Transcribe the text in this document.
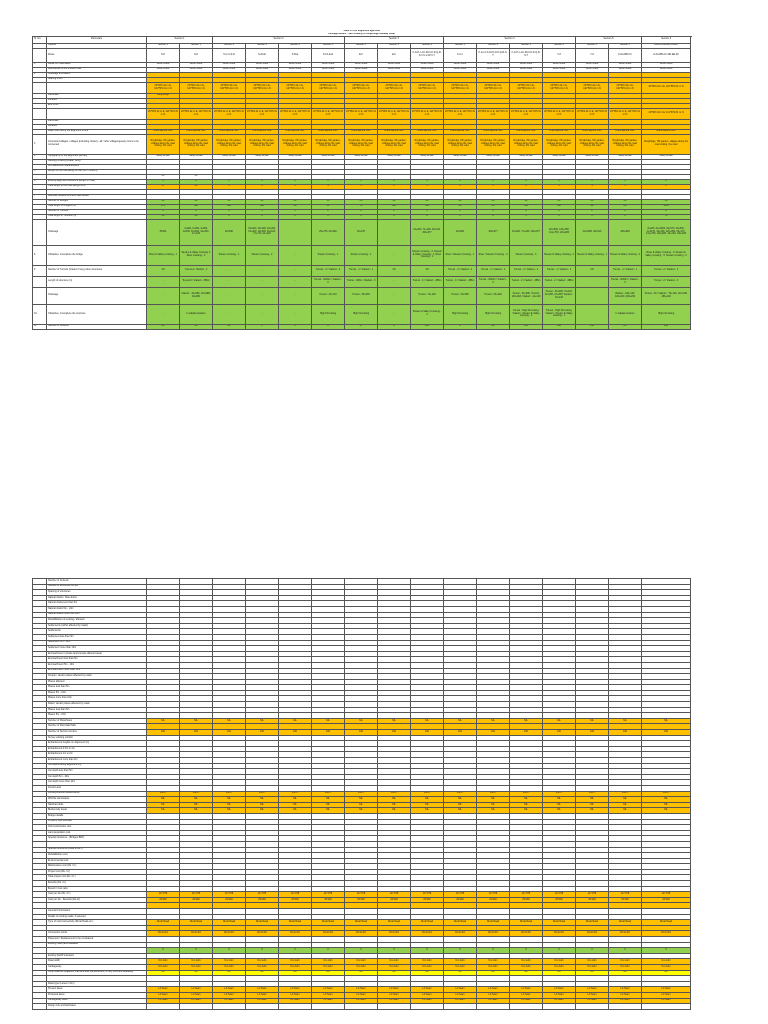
Table 3-6 for alignment approval																		
Package details - Site Grading of Ringbridge Railway Road																		
Sl. No.	Particulars	Section 1		Section 2				Section 3			Section 4				Section 5		Section 6	
	Options	Section 1	Section 1	Section 2	Section 2	Section 2	Section 3	Section 3	Section 4	Section 4	Section 4	Section 4	Section 5	Section 5	Section 6	Section 6	Recommended Route	
	Route	S-8	S-8	S-C-C-S-D	S-A0-E	S-B-E	S-C1-E-E	E-F	E-F	F-G-H-I-J-K-M-N-O-P-Q-R-S-T-U-V-W-X-Y	F-G-I	F-G-I-J-K-M-N-O-P-Q-R-S-T	F-G-H-I-J-K-M-N-O-P-Q-R-S-T	Y-Z	Y-Z	Z-AA-BB-CC	Z-AA-BB-CC-DD-EE-FF	
1	Route ID / Alternative	Green Field	Green Field	Green Field	Green Field	Green Field	Green Field	Green Field	Green Field	Brown Field	Green Field	Green Field	Green Field	Green Field	Green Field	Green Field	Green Field	
	Alternatives to the present road	Green Field	Green Field	Green Field	Green Field	Green Field	Green Field	Green Field	Green Field	Green Field	Green Field	Green Field	Green Field	Green Field	Green Field	Green Field	Green Field	
2	Chainage & Location																	
	Starting Point																	
		20°58'0.42 m E, 110°58'0.41 m N	20°58'0.42 m E, 110°58'0.41 m N	20°58'0.42 m E, 110°58'0.41 m N	20°58'0.42 m E, 110°58'0.41 m N	20°58'0.42 m E, 110°58'0.41 m N	20°58'0.42 m E, 110°58'0.41 m N	20°58'0.42 m E, 110°58'0.41 m N	20°58'0.42 m E, 110°58'0.41 m N	20°58'0.42 m E, 110°58'0.41 m N	20°58'0.42 m E, 110°58'0.41 m N	20°58'0.42 m E, 110°58'0.41 m N	20°58'0.42 m E, 110°58'0.41 m N	20°58'0.42 m E, 110°58'0.41 m N	20°58'0.42 m E, 110°58'0.41 m N	20°58'0.42 m E, 110°58'0.41 m N	20°58'0.42 m E, 110°58'0.41 m N	
	Landmark	Ringbridge																
	Location																	
	End Point																	
		20°58'0.42 m E, 111°53'0.31 m N	20°58'0.42 m E, 111°53'0.31 m N	20°58'0.42 m E, 111°53'0.31 m N	20°58'0.42 m E, 111°53'0.31 m N	20°58'0.42 m E, 111°53'0.31 m N	20°58'0.42 m E, 111°53'0.31 m N	20°58'0.42 m E, 111°53'0.31 m N	20°58'0.42 m E, 111°53'0.31 m N	20°58'0.42 m E, 111°53'0.31 m N	20°58'0.42 m E, 111°53'0.31 m N	20°58'0.42 m E, 111°53'0.31 m N	20°58'0.42 m E, 111°53'0.31 m N	20°58'0.42 m E, 111°53'0.31 m N	20°58'0.42 m E, 111°53'0.31 m N	20°58'0.42 m E, 111°53'0.31 m N	20°58'0.42 m E, 111°53'0.31 m N	
	Landmark																	
	Location																	
	Major town along the alignment of line	Brahmaputra river	Brahmaputra river	Brahmaputra river	Brahmaputra river	Brahmaputra river	Brahmaputra river	Brahmaputra river	Brahmaputra river	Brahmaputra river	Brahmaputra river	Brahmaputra river	Brahmaputra river	Brahmaputra river	Brahmaputra river	Brahmaputra river	Brahmaputra river	
3	Connected villages / villages (including cluster) - all / other villages/guesty zones to be connected	Ringbridge, Hill garden, villages along the road cutting, the road	Ringbridge, Hill garden, villages along the road cutting, the road	Ringbridge, Hill garden, villages along the road cutting, the road	Ringbridge, Hill garden, villages along the road cutting, the road	Ringbridge, Hill garden, villages along the road cutting, the road	Ringbridge, Hill garden, villages along the road cutting, the road	Ringbridge, Hill garden, villages along the road cutting, the road	Ringbridge, Hill garden, villages along the road cutting, the road	Ringbridge, Hill garden, villages along the road cutting, the road	Ringbridge, Hill garden, villages along the road cutting, the road	Ringbridge, Hill garden, villages along the road cutting, the road	Ringbridge, Hill garden, villages along the road cutting, the road	Ringbridge, Hill garden, villages along the road cutting, the road	Ringbridge, Hill garden, villages along the road cutting, the road	Ringbridge, Hill garden, villages along the road cutting, the road	Ringbridge, Hill garden, villages along the road cutting, the road	
4	Topography of the alignment (terrain)	Steep terrain	Steep terrain	Steep terrain	Steep terrain	Steep terrain	Steep terrain	Steep terrain	Steep terrain	Steep terrain	Steep terrain	Steep terrain	Steep terrain	Steep terrain	Steep terrain	Steep terrain	Steep terrain	
	Geology (existing strata / land)																	
	Formation/soil characteristics																	
5	Length of the road along corridor (km / stretch)																	
		30	30															
6	Existing alignment existence (length of road)	0	0	0	0	0	0	0	0	0	0	0	0	0	0	0	0	
	Total length of the road (length Km)	17	20	4	4	4	4	4	4	4	4	4	4	4	4	4	4	

7	Alternate requirement and road details																	
	Number of Bridges	20	26	30	30	28	13	60	60	60	20	20	20	60	60	60	60	
	Total length of Bridges (m)	273	300	300	300	60	60	70	300	300	00	00	310	310	00	00	1653	
	Number of Tunnels	3	2	0	1	1	2	2	2	4	4	1	2	0	2	2	2	
	Total length of Tunnels (m)	20	20	0	0	0	0	0	0	0	0	0	0	0	0	0	74	
	Chainage	35434	3+020, 3+090, 3+200, 0+800, 10+600, 12+000, 17+120	20+530	19+000, 19+200, 23+020, 19+400, 19+500, 20+120, 17+170, 24+120		29+370, 29+480	29+370		10+200, 71+200, 29+012, 150+977	20+903	100+977	16+200, 71+200, 160+977	110+500, 120+250, 141+750, 129+480	20+3000, 28+510	109+800	8+260, 20+3000, 20+573, 18+500, 0+3170, 19+150, 126+050, 29+470, 141+750, 129+480, 19+120, 130+200	
8	Obstacles, incomplete the bridge	River & Valley crossing - 1	Stream & Valley crossing 1; River crossing - 2	Stream crossing - 1	Stream crossing - 2	-	Stream crossing - 1	Stream crossing - 1	-	Stream crossing - 2; Stream & Valley crossing - 1; River crossing - 1	River / Stream Crossing - 1	River / Stream Crossing - 3	Stream crossing - 3	Stream & Valley crossing - 4	Stream & Valley crossing - 1	Stream & Valley crossing - 4	River & Valley crossing - 3; Stream & Valley crossing - 5; Stream crossing - 2	
9	Number of Tunnels (Viaduct if any) other structures	Nil	Tunnel-2 / Viaduct - 2	-	-	-	Tunnel - 2 / Viaduct - 2	Tunnel - 1 / Viaduct - 1	Nil	Nil	Tunnel - 2 / Viaduct - 2	Tunnel - 1 / Viaduct - 1	Tunnel - 2 / Viaduct - 2	Tunnel - 1 / Viaduct - 1	Nil	Tunnel - 1 / Viaduct - 1	Tunnel - 2 / Viaduct - 3	
	Length of structure (m)	-	Tunnel-0 / Viaduct - 386m	-	-	-	Tunnel - 2040m / Viaduct - 0	Tunnel - 180m / Viaduct - 0	-	Tunnel - 0 / Viaduct - 286m	Tunnel - 0 / Viaduct - 386m	Tunnel - 2040m / Viaduct - 0	Tunnel - 2 / Viaduct - 386m	Tunnel - 2 / Viaduct - 386m	-	Tunnel - 2040m / Viaduct - 0	Tunnel - 2 / Viaduct - 3	
	Chainage	-	Viaduct - 19+580, 104+880, 40+990	-	-	-	Tunnel - 23+710	Tunnel - 25+630	-	Tunnel - 72+120	Tunnel - 33+080	Tunnel - 54+020	Tunnel - 33+096, 70+110, 149+016; Viaduct - 14+120	Tunnel - 33+096, 70+110, 40+250, 10+250; Viaduct - 19+120	-	Viaduct - 120+120, 140+040, 200+200	Tunnel - 60 / Viaduct - 79+120, 110+330, 186+140	
10	Obstacles, incomplete the structure	-	In saltaks location	-	-	-	High hill cutting	High hill cutting	-	Stream & Valley Crossing - 2	High hill cutting	High hill cutting	Tunnel - High hill cutting; Viaduct - Stream & Valley crossing - 1	Tunnel - High hill cutting; Viaduct - Stream & Valley crossing - 1	-	In saltaks location	High hill cutting	
11	Number of Culverts	80	80	80	77	0	0	37	8	260	4	88	150	260	111	80	260	
	Number of Culverts																
	Number of structures on line																
	Spacing of structures																
	Natural drains / Side drains																
	Natural drains less than 5m																
	Natural drains 5m - 10m																
	Natural drains more than 10m																
	Rehabilitation of existing / affected																
	Settlements (within affected by roads)																
	Settlements																
	Settlement less than 5m																
	Settlement 5m - 10m																
	Settlement more than 10m																
	Encroachment / private land (temple affected area)																
	Encroachment less than 5m																
	Encroachment 5m - 10m																
	Encroachment more than 10m																
	Temple / stream places affected by roads																
	Places affected																
	Places less than 5m																
	Places 5m - 10m																
	Places more than 10m																
	Road / stream places affected by roads																
	Places less than 5m																
	Places 5m - 10m																
	Number of Parachutes	NIL	NIL	NIL	NIL	NIL	NIL	NIL	NIL	NIL	NIL	NIL	NIL	NIL	NIL	NIL	NIL
	Number of Parochial Halls																
	Number of Service Centres	100	100	100	100	100	100	100	100	100	100	100	100	100	100	100	100
	Survey existing corridor																
	Embankment heights on alignment (m)																
	Embankment 0.5m to 1m																
	Embankment 1m to 2m																
	Embankment more than 2m																
	Cut depths along alignment (m)																
	Cut depth less than 5m																
	Cut depth 5m - 10m																
	Cut depth more than 10m																
	Forest Land																
	Forest/protected area/reserve	142 H	142 H	142 H	142 H	142 H	142 H	142 H	142 H	142 H	142 H	142 H	142 H	142 H	142 H	142 H	142 H
	Wild life sanctuaries	NIL	NIL	NIL	NIL	NIL	NIL	NIL	NIL	NIL	NIL	NIL	NIL	NIL	NIL	NIL	NIL
	National parks	NIL	NIL	NIL	NIL	NIL	NIL	NIL	NIL	NIL	NIL	NIL	NIL	NIL	NIL	NIL	NIL
	Biodiversity areas	NIL	NIL	NIL	NIL	NIL	NIL	NIL	NIL	NIL	NIL	NIL	NIL	NIL	NIL	NIL	NIL
	Budget details																
	Property cost estimate																
	Civil construction cost																
	Land acquisition cost																
	Special structures - (Bridges BRT)																

	Special structures (Road & BRT)																
	Rehabilitation cost																
	Environmental cost																
	Maintenance cost (Rs. Cr.)																
	Project cost (Rs. Cr.)																
	Total project cost (Rs. Cr.)																
	Benefits (Rs. Cr.)																
	Benefit / Cost ratio																
	Cost per km (Rs. Cr.)	117.878	117.878	117.878	117.878	117.878	117.878	117.878	117.878	117.878	117.878	117.878	117.878	117.878	117.878	117.878	117.878
	Cost per km - Benefits (Rs.Cr)	23.902	23.902	23.902	23.902	23.902	23.902	23.902	23.902	23.902	23.902	23.902	23.902	23.902	23.902	23.902	23.902

	General Conclusions																
	Details of existing roads, if selected																
	Type of road connectivity (Rural Road etc.)	Rural Road	Rural Road	Rural Road	Rural Road	Rural Road	Rural Road	Rural Road	Rural Road	Rural Road	Rural Road	Rural Road	Rural Road	Rural Road	Rural Road	Rural Road	Rural Road

	Connection points	Rd to Rd	Rd to Rd	Rd to Rd	Rd to Rd	Rd to Rd	Rd to Rd	Rd to Rd	Rd to Rd	Rd to Rd	Rd to Rd	Rd to Rd	Rd to Rd	Rd to Rd	Rd to Rd	Rd to Rd	Rd to Rd
	Pavement / Replacement to be considered																
	Existing road parts available																
		0	0	0	0	0	0	0	0	0	0	0	0	0	0	0	0
	Existing NLRP indicated																
	Road width	9 to 12m	9 to 12m	9 to 12m	9 to 12m	9 to 12m	9 to 12m	9 to 12m	9 to 12m	9 to 12m	9 to 12m	9 to 12m	9 to 12m	9 to 12m	9 to 12m	9 to 12m	9 to 12m
	Carriageway	9 to 12m	9 to 12m	9 to 12m	9 to 12m	9 to 12m	9 to 12m	9 to 12m	9 to 12m	9 to 12m	9 to 12m	9 to 12m	9 to 12m	9 to 12m	9 to 12m	9 to 12m	9 to 12m
	Other features (Adjacent road and Rail, Embankment, or any structure available)	NO	NO	NO	NO	NO	NO	NO	NO	NO	NO	NO	NO	NO	NO	NO	NO

	Road type (Lanes in Km)																
	Present lanes	LA Team	LA Team	LA Team	LA Team	LA Team	LA Team	LA Team	LA Team	LA Team	LA Team	LA Team	LA Team	LA Team	LA Team	LA Team	LA Team
	Proposed lanes	LA Team	LA Team	LA Team	LA Team	LA Team	LA Team	LA Team	LA Team	LA Team	LA Team	LA Team	LA Team	LA Team	LA Team	LA Team	LA Team
	Carriageway width	LA Team	LA Team	LA Team	LA Team	LA Team	LA Team	LA Team	LA Team	LA Team	LA Team	LA Team	LA Team	LA Team	LA Team	LA Team	LA Team
	Design Life and Estimates																
